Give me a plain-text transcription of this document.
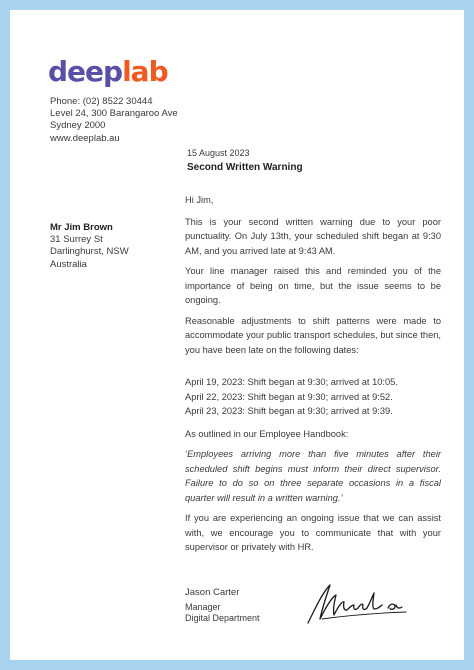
deeplab
Phone: (02) 8522 30444
Level 24, 300 Barangaroo Ave
Sydney 2000
www.deeplab.au
15 August 2023
Second Written Warning
Mr Jim Brown
31 Surrey St
Darlinghurst, NSW
Australia

Hi Jim,

This is your second written warning due to your poor punctuality. On July 13th, your scheduled shift began at 9:30 AM, and you arrived late at 9:43 AM.

Your line manager raised this and reminded you of the importance of being on time, but the issue seems to be ongoing.

Reasonable adjustments to shift patterns were made to accommodate your public transport schedules, but since then, you have been late on the following dates:

April 19, 2023: Shift began at 9:30; arrived at 10:05.

April 22, 2023: Shift began at 9:30; arrived at 9:52.

April 23, 2023: Shift began at 9:30; arrived at 9:39.

As outlined in our Employee Handbook:

‘Employees arriving more than five minutes after their scheduled shift begins must inform their direct supervisor. Failure to do so on three separate occasions in a fiscal quarter will result in a written warning.’

If you are experiencing an ongoing issue that we can assist with, we encourage you to communicate that with your supervisor or privately with HR.

Jason Carter
Manager
Digital Department
